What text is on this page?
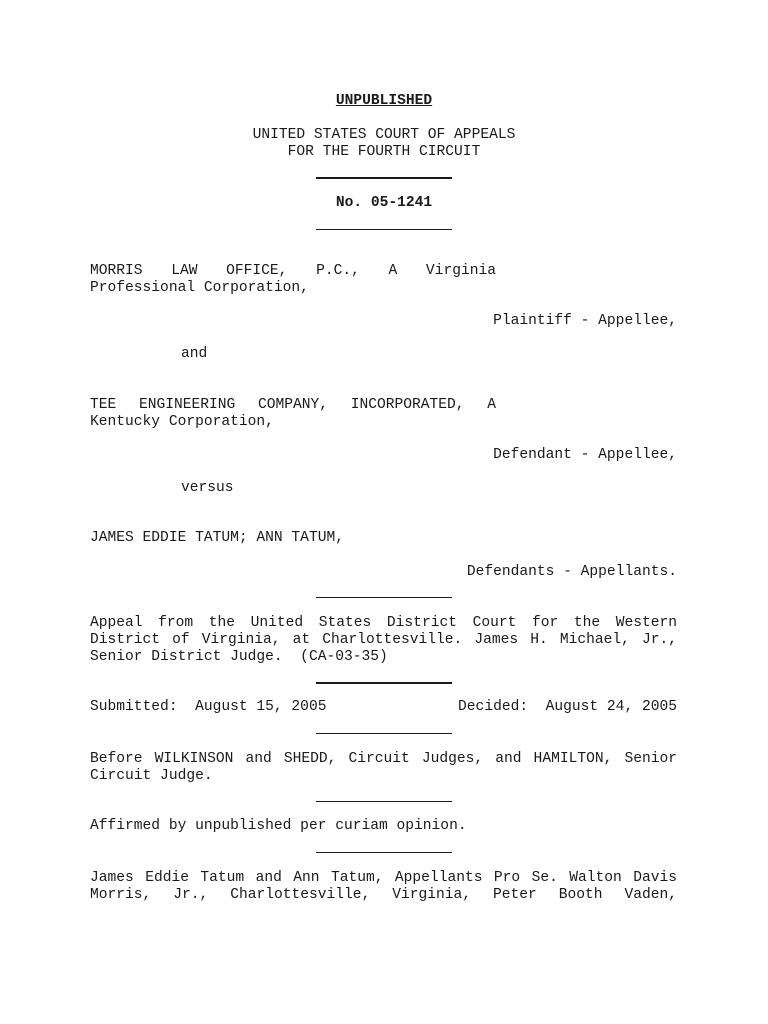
UNPUBLISHED
UNITED STATES COURT OF APPEALS
FOR THE FOURTH CIRCUIT
No. 05-1241
MORRIS LAW OFFICE, P.C., A Virginia
Professional Corporation,
Plaintiff - Appellee,
and
TEE ENGINEERING COMPANY, INCORPORATED, A
Kentucky Corporation,
Defendant - Appellee,
versus
JAMES EDDIE TATUM; ANN TATUM,
Defendants - Appellants.
Appeal from the United States District Court for the Western
District of Virginia, at Charlottesville. James H. Michael, Jr.,
Senior District Judge.  (CA-03-35)
Submitted:  August 15, 2005	Decided:  August 24, 2005
Before WILKINSON and SHEDD, Circuit Judges, and HAMILTON, Senior
Circuit Judge.
Affirmed by unpublished per curiam opinion.
James Eddie Tatum and Ann Tatum, Appellants Pro Se. Walton Davis
Morris, Jr., Charlottesville, Virginia, Peter Booth Vaden,
